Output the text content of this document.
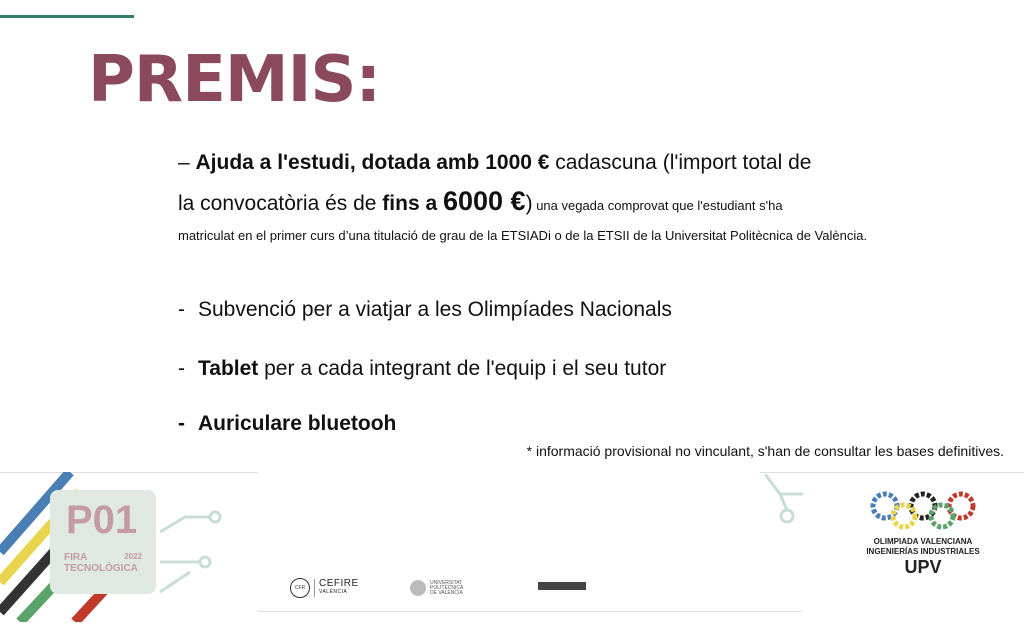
PREMIS:

– Ajuda a l'estudi, dotada amb 1000 € cadascuna (l'import total de
la convocatòria és de fins a 6000 €) una vegada comprovat que l'estudiant s'ha

matriculat en el primer curs d’una titulació de grau de la ETSIADi o de la ETSII de la Universitat Politècnica de València.

- Subvenció per a viatjar a les Olimpíades Nacionals

- Tablet per a cada integrant de l'equip i el seu tutor

- Auriculare bluetooh

* informació provisional no vinculant, s'han de consultar les bases definitives.

P01
FIRA
TECNOLÒGICA
2022
CFR	CEFIRE
VALÈNCIA
UNIVERSITAT
POLITÈCNICA
DE VALÈNCIA
OLIMPIADA VALENCIANA
INGENIERÍAS INDUSTRIALES
UPV
